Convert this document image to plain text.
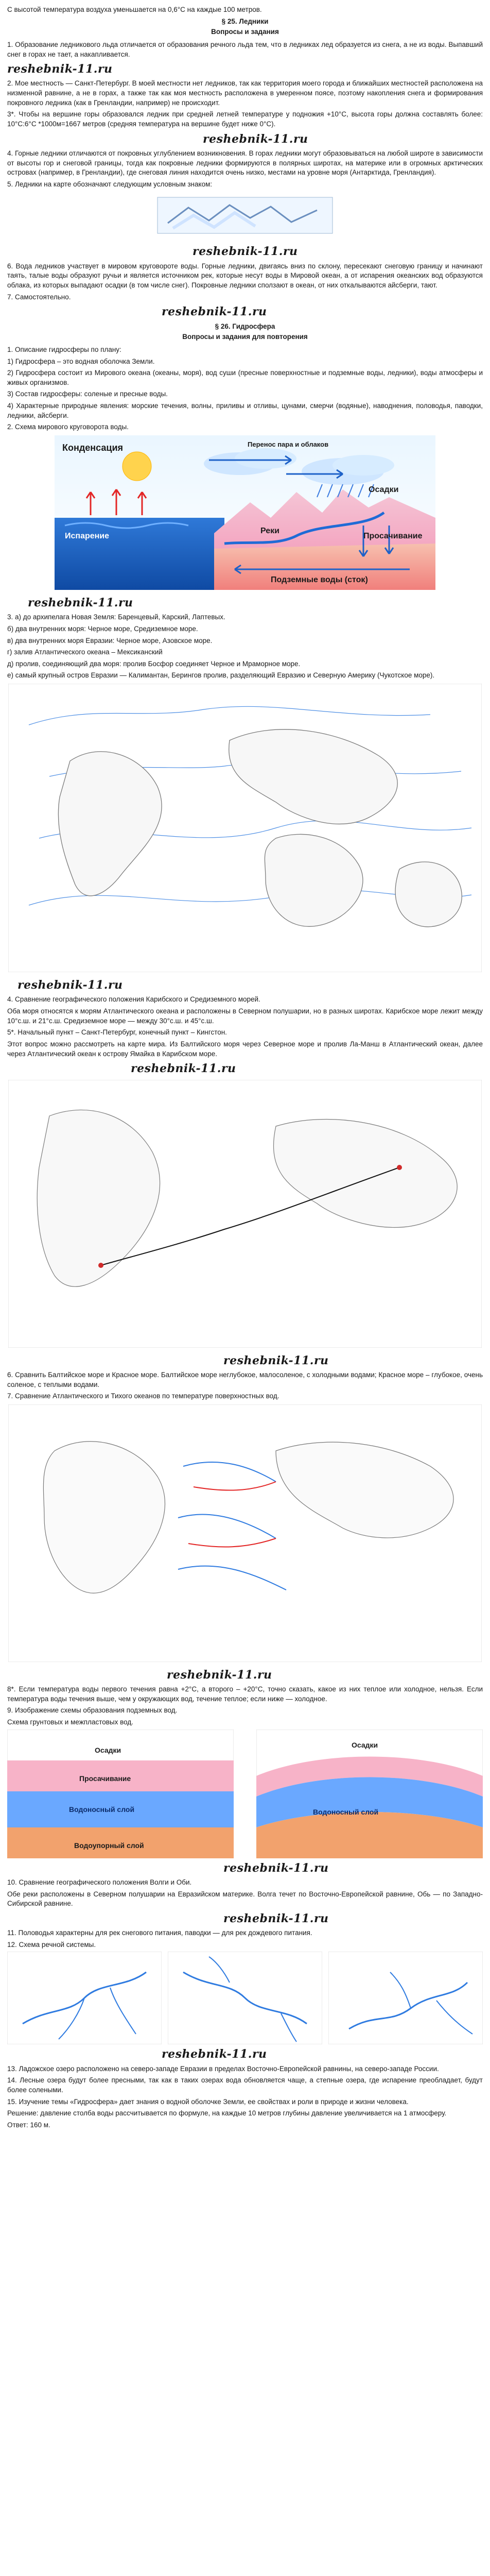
С высотой температура воздуха уменьшается на 0,6°С на каждые 100 метров.

§ 25. Ледники

Вопросы и задания

1. Образование ледникового льда отличается от образования речного льда тем, что в ледниках лед образуется из снега, а не из воды. Выпавший снег в горах не тает, а накапливается.

reshebnik-11.ru

2. Мое местность — Санкт-Петербург. В моей местности нет ледников, так как территория моего города и ближайших местностей расположена на низменной равнине, а не в горах, а также так как моя местность расположена в умеренном поясе, поэтому накопления снега и формирования покровного ледника (как в Гренландии, например) не происходит.

3*. Чтобы на вершине горы образовался ледник при средней летней температуре у подножия +10°С, высота горы должна составлять более: 10°С:6°С *1000м=1667 метров (средняя температура на вершине будет ниже 0°С).

reshebnik-11.ru

4. Горные ледники отличаются от покровных углублением возникновения. В горах ледники могут образовываться на любой широте в зависимости от высоты гор и снеговой границы, тогда как покровные ледники формируются в полярных широтах, на материке или в огромных арктических островах (например, в Гренландии), где снеговая линия находится очень низко, местами на уровне моря (Антарктида, Гренландия).

5. Ледники на карте обозначают следующим условным знаком:

reshebnik-11.ru

6. Вода ледников участвует в мировом круговороте воды. Горные ледники, двигаясь вниз по склону, пересекают снеговую границу и начинают таять, талые воды образуют ручьи и является источником рек, которые несут воды в Мировой океан, а от испарения океанских вод образуются облака, из которых выпадают осадки (в том числе снег). Покровные ледники сползают в океан, от них откалываются айсберги, тают.

7. Самостоятельно.

reshebnik-11.ru

§ 26. Гидросфера

Вопросы и задания для повторения

1. Описание гидросферы по плану:

1) Гидросфера – это водная оболочка Земли.

2) Гидросфера состоит из Мирового океана (океаны, моря), вод суши (пресные поверхностные и подземные воды, ледники), воды атмосферы и живых организмов.

3) Состав гидросферы: соленые и пресные воды.

4) Характерные природные явления: морские течения, волны, приливы и отливы, цунами, смерчи (водяные), наводнения, половодья, паводки, ледники, айсберги.

2. Схема мирового круговорота воды.

Конденсация	Перенос пара и облаков
Осадки
Испарение
Реки
Просачивание
Подземные воды (сток)
reshebnik-11.ru

3. а) до архипелага Новая Земля: Баренцевый, Карский, Лаптевых.

б) два внутренних моря: Черное море, Средиземное море.

в) два внутренних моря Евразии: Черное море, Азовское море.

г) залив Атлантического океана – Мексиканский

д) пролив, соединяющий два моря: пролив Босфор соединяет Черное и Мраморное море.

е) самый крупный остров Евразии — Калимантан, Берингов пролив, разделяющий Евразию и Северную Америку (Чукотское море).

reshebnik-11.ru

4. Сравнение географического положения Карибского и Средиземного морей.

Оба моря относятся к морям Атлантического океана и расположены в Северном полушарии, но в разных широтах. Карибское море лежит между 10°с.ш. и 21°с.ш. Средиземное море — между 30°с.ш. и 45°с.ш.

5*. Начальный пункт – Санкт-Петербург, конечный пункт – Кингстон.

Этот вопрос можно рассмотреть на карте мира. Из Балтийского моря через Северное море и пролив Ла-Манш в Атлантический океан, далее через Атлантический океан к острову Ямайка в Карибском море.

reshebnik-11.ru
reshebnik-11.ru

6. Сравнить Балтийское море и Красное море. Балтийское море неглубокое, малосоленое, с холодными водами; Красное море – глубокое, очень соленое, с теплыми водами.

7. Сравнение Атлантического и Тихого океанов по температуре поверхностных вод.

reshebnik-11.ru

8*. Если температура воды первого течения равна +2°С, а второго – +20°С, точно сказать, какое из них теплое или холодное, нельзя. Если температура воды течения выше, чем у окружающих вод, течение теплое; если ниже — холодное.

9. Изображение схемы образования подземных вод.

Схема грунтовых и межпластовых вод.

Осадки
Просачивание
Водоносный слой
Водоупорный слой
Осадки
Водоносный слой
reshebnik-11.ru

10. Сравнение географического положения Волги и Оби.

Обе реки расположены в Северном полушарии на Евразийском материке. Волга течет по Восточно-Европейской равнине, Обь — по Западно-Сибирской равнине.

reshebnik-11.ru

11. Половодья характерны для рек снегового питания, паводки — для рек дождевого питания.

12. Схема речной системы.

reshebnik-11.ru

13. Ладожское озеро расположено на северо-западе Евразии в пределах Восточно-Европейской равнины, на северо-западе России.

14. Лесные озера будут более пресными, так как в таких озерах вода обновляется чаще, а степные озера, где испарение преобладает, будут более солеными.

15. Изучение темы «Гидросфера» дает знания о водной оболочке Земли, ее свойствах и роли в природе и жизни человека.

Решение: давление столба воды рассчитывается по формуле, на каждые 10 метров глубины давление увеличивается на 1 атмосферу.

Ответ: 160 м.
